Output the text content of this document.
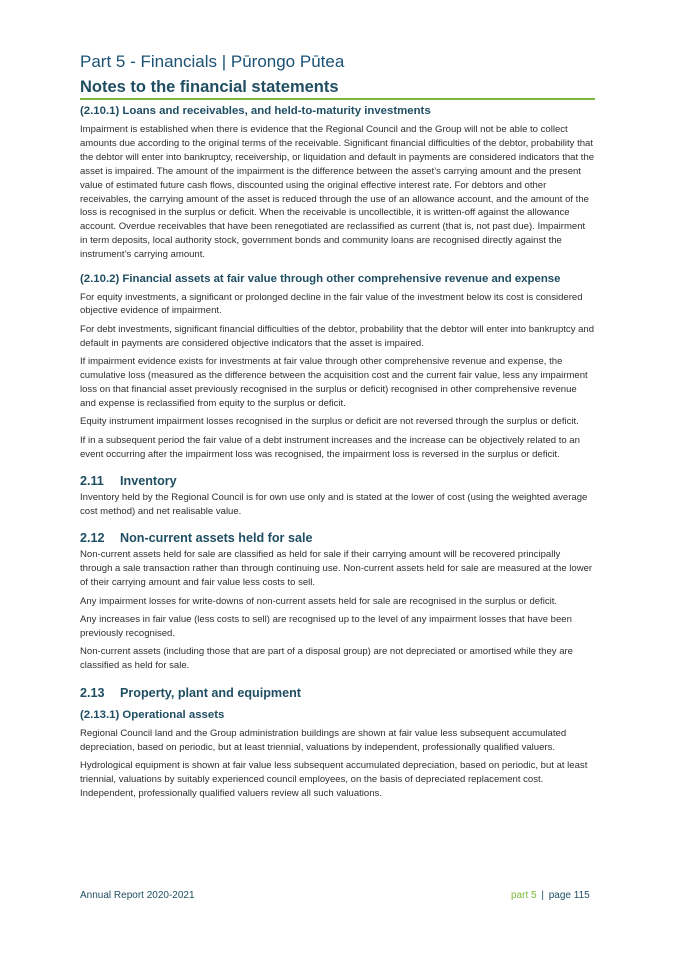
Part 5 - Financials | Pūrongo Pūtea
Notes to the financial statements
(2.10.1) Loans and receivables, and held-to-maturity investments

Impairment is established when there is evidence that the Regional Council and the Group will not be able to collect amounts due according to the original terms of the receivable. Significant financial difficulties of the debtor, probability that the debtor will enter into bankruptcy, receivership, or liquidation and default in payments are considered indicators that the asset is impaired. The amount of the impairment is the difference between the asset’s carrying amount and the present value of estimated future cash flows, discounted using the original effective interest rate. For debtors and other receivables, the carrying amount of the asset is reduced through the use of an allowance account, and the amount of the loss is recognised in the surplus or deficit. When the receivable is uncollectible, it is written-off against the allowance account. Overdue receivables that have been renegotiated are reclassified as current (that is, not past due). Impairment in term deposits, local authority stock, government bonds and community loans are recognised directly against the instrument’s carrying amount.

(2.10.2) Financial assets at fair value through other comprehensive revenue and expense

For equity investments, a significant or prolonged decline in the fair value of the investment below its cost is considered objective evidence of impairment.

For debt investments, significant financial difficulties of the debtor, probability that the debtor will enter into bankruptcy and default in payments are considered objective indicators that the asset is impaired.

If impairment evidence exists for investments at fair value through other comprehensive revenue and expense, the cumulative loss (measured as the difference between the acquisition cost and the current fair value, less any impairment loss on that financial asset previously recognised in the surplus or deficit) recognised in other comprehensive revenue and expense is reclassified from equity to the surplus or deficit.

Equity instrument impairment losses recognised in the surplus or deficit are not reversed through the surplus or deficit.

If in a subsequent period the fair value of a debt instrument increases and the increase can be objectively related to an event occurring after the impairment loss was recognised, the impairment loss is reversed in the surplus or deficit.

2.11 Inventory

Inventory held by the Regional Council is for own use only and is stated at the lower of cost (using the weighted average cost method) and net realisable value.

2.12 Non-current assets held for sale

Non-current assets held for sale are classified as held for sale if their carrying amount will be recovered principally through a sale transaction rather than through continuing use. Non-current assets held for sale are measured at the lower of their carrying amount and fair value less costs to sell.

Any impairment losses for write-downs of non-current assets held for sale are recognised in the surplus or deficit.

Any increases in fair value (less costs to sell) are recognised up to the level of any impairment losses that have been previously recognised.

Non-current assets (including those that are part of a disposal group) are not depreciated or amortised while they are classified as held for sale.

2.13 Property, plant and equipment
(2.13.1) Operational assets

Regional Council land and the Group administration buildings are shown at fair value less subsequent accumulated depreciation, based on periodic, but at least triennial, valuations by independent, professionally qualified valuers.

Hydrological equipment is shown at fair value less subsequent accumulated depreciation, based on periodic, but at least triennial, valuations by suitably experienced council employees, on the basis of depreciated replacement cost. Independent, professionally qualified valuers review all such valuations.

Annual Report 2020-2021	part 5 | page 115
